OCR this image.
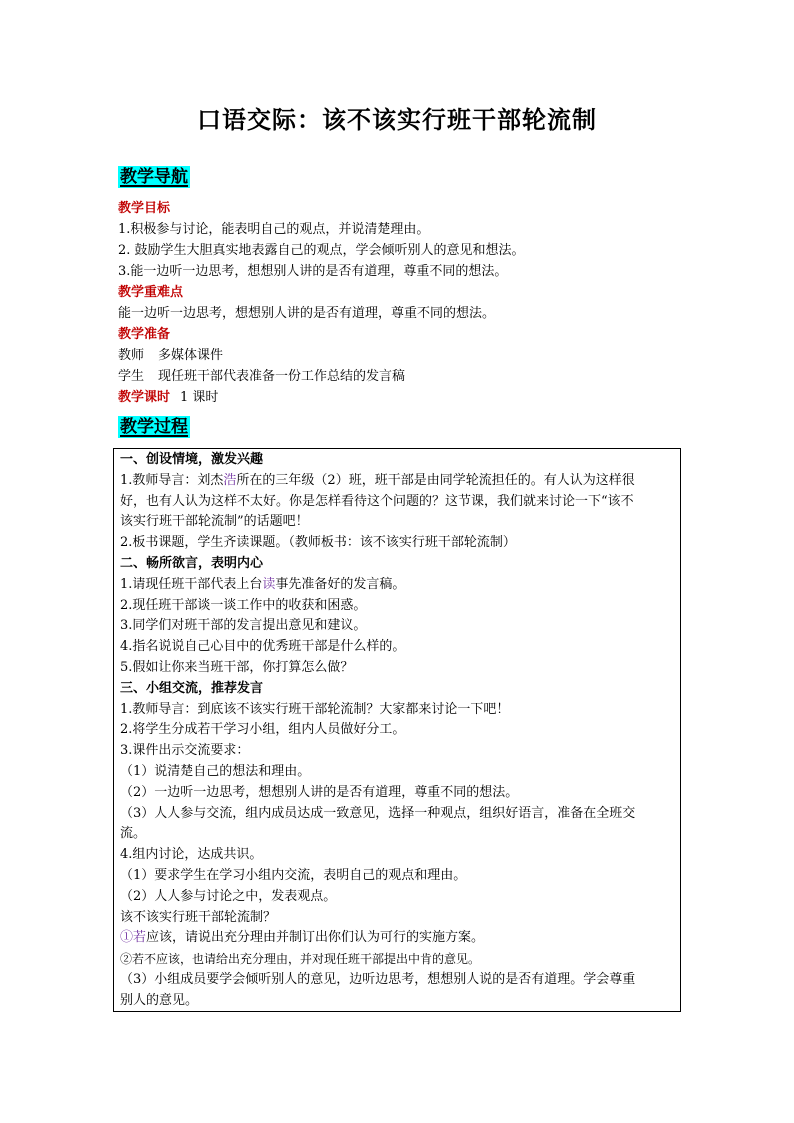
口语交际：该不该实行班干部轮流制
教学导航
教学目标
1.积极参与讨论，能表明自己的观点，并说清楚理由。
2. 鼓励学生大胆真实地表露自己的观点，学会倾听别人的意见和想法。
3.能一边听一边思考，想想别人讲的是否有道理，尊重不同的想法。
教学重难点
能一边听一边思考，想想别人讲的是否有道理，尊重不同的想法。
教学准备
教师 多媒体课件
学生 现任班干部代表准备一份工作总结的发言稿
教学课时 1 课时
教学过程
一、创设情境，激发兴趣
1.教师导言：刘杰浩所在的三年级（2）班，班干部是由同学轮流担任的。有人认为这样很
好，也有人认为这样不太好。你是怎样看待这个问题的？这节课，我们就来讨论一下“该不
该实行班干部轮流制”的话题吧！
2.板书课题，学生齐读课题。（教师板书：该不该实行班干部轮流制）
二、畅所欲言，表明内心
1.请现任班干部代表上台读事先准备好的发言稿。
2.现任班干部谈一谈工作中的收获和困惑。
3.同学们对班干部的发言提出意见和建议。
4.指名说说自己心目中的优秀班干部是什么样的。
5.假如让你来当班干部，你打算怎么做？
三、小组交流，推荐发言
1.教师导言：到底该不该实行班干部轮流制？大家都来讨论一下吧！
2.将学生分成若干学习小组，组内人员做好分工。
3.课件出示交流要求：
（1）说清楚自己的想法和理由。
（2）一边听一边思考，想想别人讲的是否有道理，尊重不同的想法。
（3）人人参与交流，组内成员达成一致意见，选择一种观点，组织好语言，准备在全班交
流。
4.组内讨论，达成共识。
（1）要求学生在学习小组内交流，表明自己的观点和理由。
（2）人人参与讨论之中，发表观点。
该不该实行班干部轮流制？
①若应该，请说出充分理由并制订出你们认为可行的实施方案。
②若不应该，也请给出充分理由，并对现任班干部提出中肯的意见。
（3）小组成员要学会倾听别人的意见，边听边思考，想想别人说的是否有道理。学会尊重
别人的意见。
